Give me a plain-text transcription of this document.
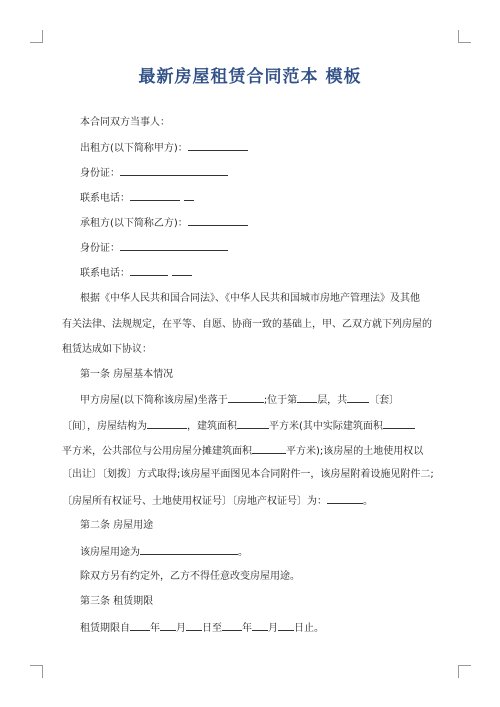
最新房屋租赁合同范本 模板
本合同双方当事人：
出租方(以下简称甲方)：
身份证：
联系电话：
承租方(以下简称乙方)：
身份证：
联系电话：
根据《中华人民共和国合同法》、《中华人民共和国城市房地产管理法》及其他
有关法律、法规规定，在平等、自愿、协商一致的基础上，甲、乙双方就下列房屋的
租赁达成如下协议：
第一条 房屋基本情况
甲方房屋(以下简称该房屋)坐落于	;位于第 层，共 〔套〕
〔间〕，房屋结构为	，建筑面积	平方米(其中实际建筑面积
平方米，公共部位与公用房屋分摊建筑面积	平方米);该房屋的土地使用权以
〔出让〕〔划拨〕方式取得;该房屋平面图见本合同附件一，该房屋附着设施见附件二;
〔房屋所有权证号、土地使用权证号〕〔房地产权证号〕为：	。
第二条 房屋用途
该房屋用途为	。
除双方另有约定外，乙方不得任意改变房屋用途。
第三条 租赁期限
租赁期限自 年 月 日至 年 月 日止。
